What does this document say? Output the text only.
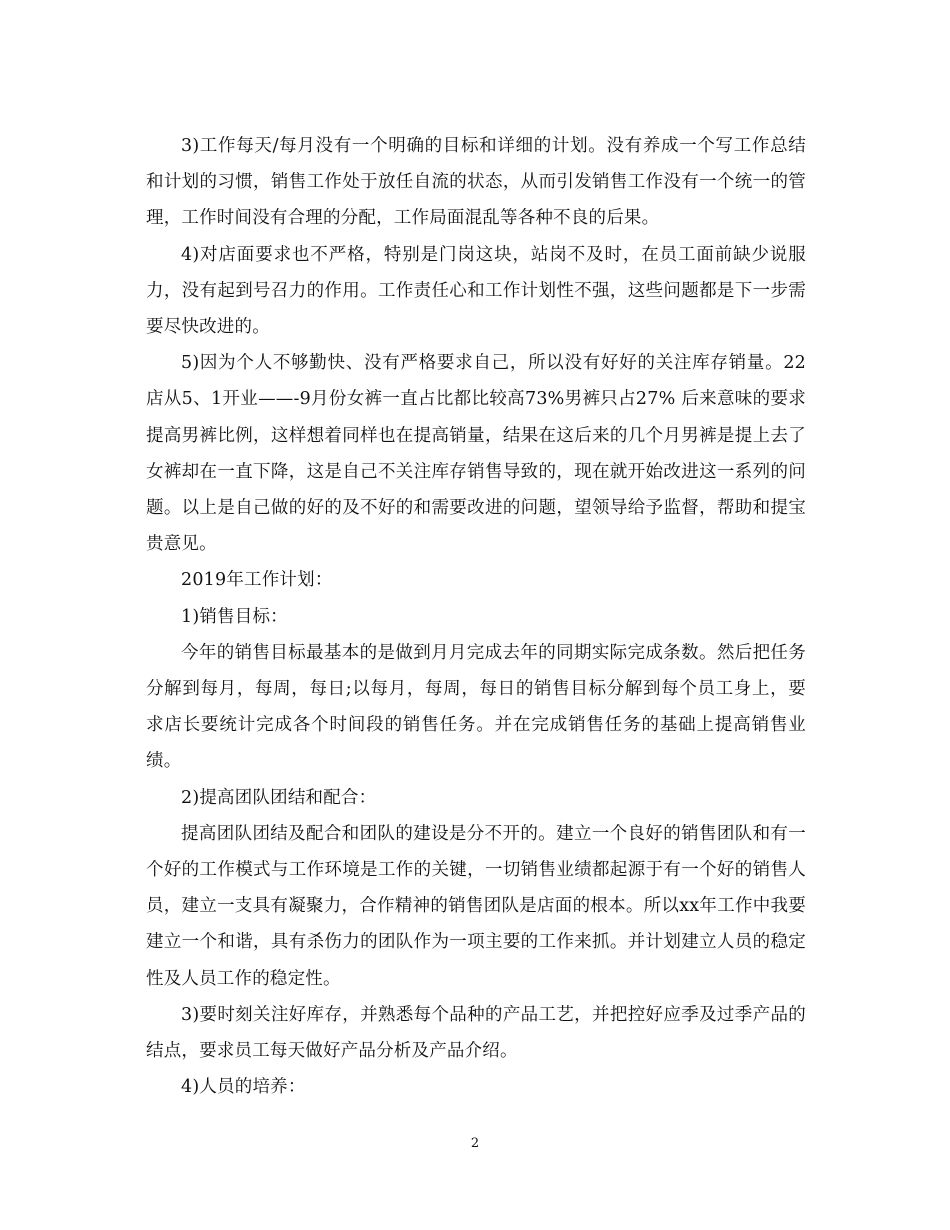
3)工作每天/每月没有一个明确的目标和详细的计划。没有养成一个写工作总结和计划的习惯，销售工作处于放任自流的状态，从而引发销售工作没有一个统一的管理，工作时间没有合理的分配，工作局面混乱等各种不良的后果。

4)对店面要求也不严格，特别是门岗这块，站岗不及时，在员工面前缺少说服力，没有起到号召力的作用。工作责任心和工作计划性不强，这些问题都是下一步需要尽快改进的。

5)因为个人不够勤快、没有严格要求自己，所以没有好好的关注库存销量。22店从5、1开业——-9月份女裤一直占比都比较高73%男裤只占27% 后来意味的要求提高男裤比例，这样想着同样也在提高销量，结果在这后来的几个月男裤是提上去了女裤却在一直下降，这是自己不关注库存销售导致的，现在就开始改进这一系列的问题。以上是自己做的好的及不好的和需要改进的问题，望领导给予监督，帮助和提宝贵意见。

2019年工作计划：

1)销售目标：

今年的销售目标最基本的是做到月月完成去年的同期实际完成条数。然后把任务分解到每月，每周，每日;以每月，每周，每日的销售目标分解到每个员工身上，要求店长要统计完成各个时间段的销售任务。并在完成销售任务的基础上提高销售业绩。

2)提高团队团结和配合：

提高团队团结及配合和团队的建设是分不开的。建立一个良好的销售团队和有一个好的工作模式与工作环境是工作的关键，一切销售业绩都起源于有一个好的销售人员，建立一支具有凝聚力，合作精神的销售团队是店面的根本。所以xx年工作中我要建立一个和谐，具有杀伤力的团队作为一项主要的工作来抓。并计划建立人员的稳定性及人员工作的稳定性。

3)要时刻关注好库存，并熟悉每个品种的产品工艺，并把控好应季及过季产品的结点，要求员工每天做好产品分析及产品介绍。

4)人员的培养：

2
